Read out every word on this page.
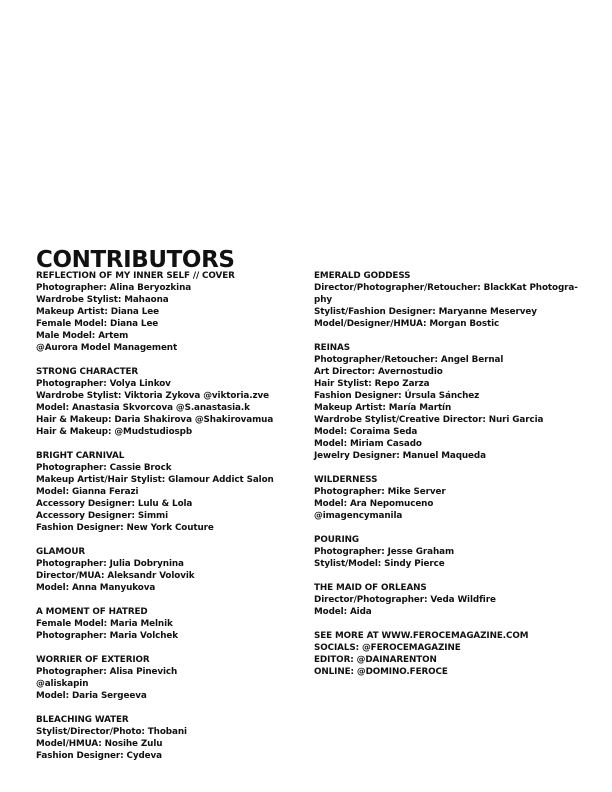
CONTRIBUTORS
REFLECTION OF MY INNER SELF // COVER
Photographer: Alina Beryozkina
Wardrobe Stylist: Mahaona
Makeup Artist: Diana Lee
Female Model: Diana Lee
Male Model: Artem
@Aurora Model Management
STRONG CHARACTER
Photographer: Volya Linkov
Wardrobe Stylist: Viktoria Zykova @viktoria.zve
Model: Anastasia Skvorcova @S.anastasia.k
Hair & Makeup: Daria Shakirova @Shakirovamua
Hair & Makeup: @Mudstudiospb
BRIGHT CARNIVAL
Photographer: Cassie Brock
Makeup Artist/Hair Stylist: Glamour Addict Salon
Model: Gianna Ferazi
Accessory Designer: Lulu & Lola
Accessory Designer: Simmi
Fashion Designer: New York Couture
GLAMOUR
Photographer: Julia Dobrynina
Director/MUA: Aleksandr Volovik
Model: Anna Manyukova
A MOMENT OF HATRED
Female Model: Maria Melnik
Photographer: Maria Volchek
WORRIER OF EXTERIOR
Photographer: Alisa Pinevich
@aliskapin
Model: Daria Sergeeva
BLEACHING WATER
Stylist/Director/Photo: Thobani
Model/HMUA: Nosihe Zulu
Fashion Designer: Cydeva
EMERALD GODDESS
Director/Photographer/Retoucher: BlackKat Photogra-
phy
Stylist/Fashion Designer: Maryanne Meservey
Model/Designer/HMUA: Morgan Bostic
REINAS
Photographer/Retoucher: Angel Bernal
Art Director: Avernostudio
Hair Stylist: Repo Zarza
Fashion Designer: Úrsula Sánchez
Makeup Artist: María Martín
Wardrobe Stylist/Creative Director: Nuri Garcia
Model: Coraima Seda
Model: Miriam Casado
Jewelry Designer: Manuel Maqueda
WILDERNESS
Photographer: Mike Server
Model: Ara Nepomuceno
@imagencymanila
POURING
Photographer: Jesse Graham
Stylist/Model: Sindy Pierce
THE MAID OF ORLEANS
Director/Photographer: Veda Wildfire
Model: Aida
SEE MORE AT WWW.FEROCEMAGAZINE.COM
SOCIALS: @FEROCEMAGAZINE
EDITOR: @DAINARENTON
ONLINE: @DOMINO.FEROCE
